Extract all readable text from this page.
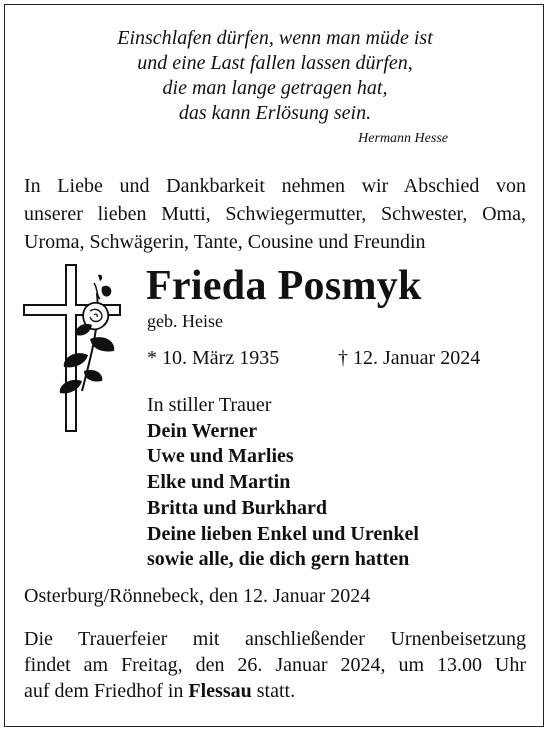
Einschlafen dürfen, wenn man müde ist
und eine Last fallen lassen dürfen,
die man lange getragen hat,
das kann Erlösung sein.
Hermann Hesse
In Liebe und Dankbarkeit nehmen wir Abschied von
unserer lieben Mutti, Schwiegermutter, Schwester, Oma,
Uroma, Schwägerin, Tante, Cousine und Freundin
Frieda Posmyk
geb. Heise
* 10. März 1935	† 12. Januar 2024
In stiller Trauer
Dein Werner
Uwe und Marlies
Elke und Martin
Britta und Burkhard
Deine lieben Enkel und Urenkel
sowie alle, die dich gern hatten
Osterburg/Rönnebeck, den 12. Januar 2024
Die Trauerfeier mit anschließender Urnenbeisetzung
findet am Freitag, den 26. Januar 2024, um 13.00 Uhr
auf dem Friedhof in Flessau statt.
